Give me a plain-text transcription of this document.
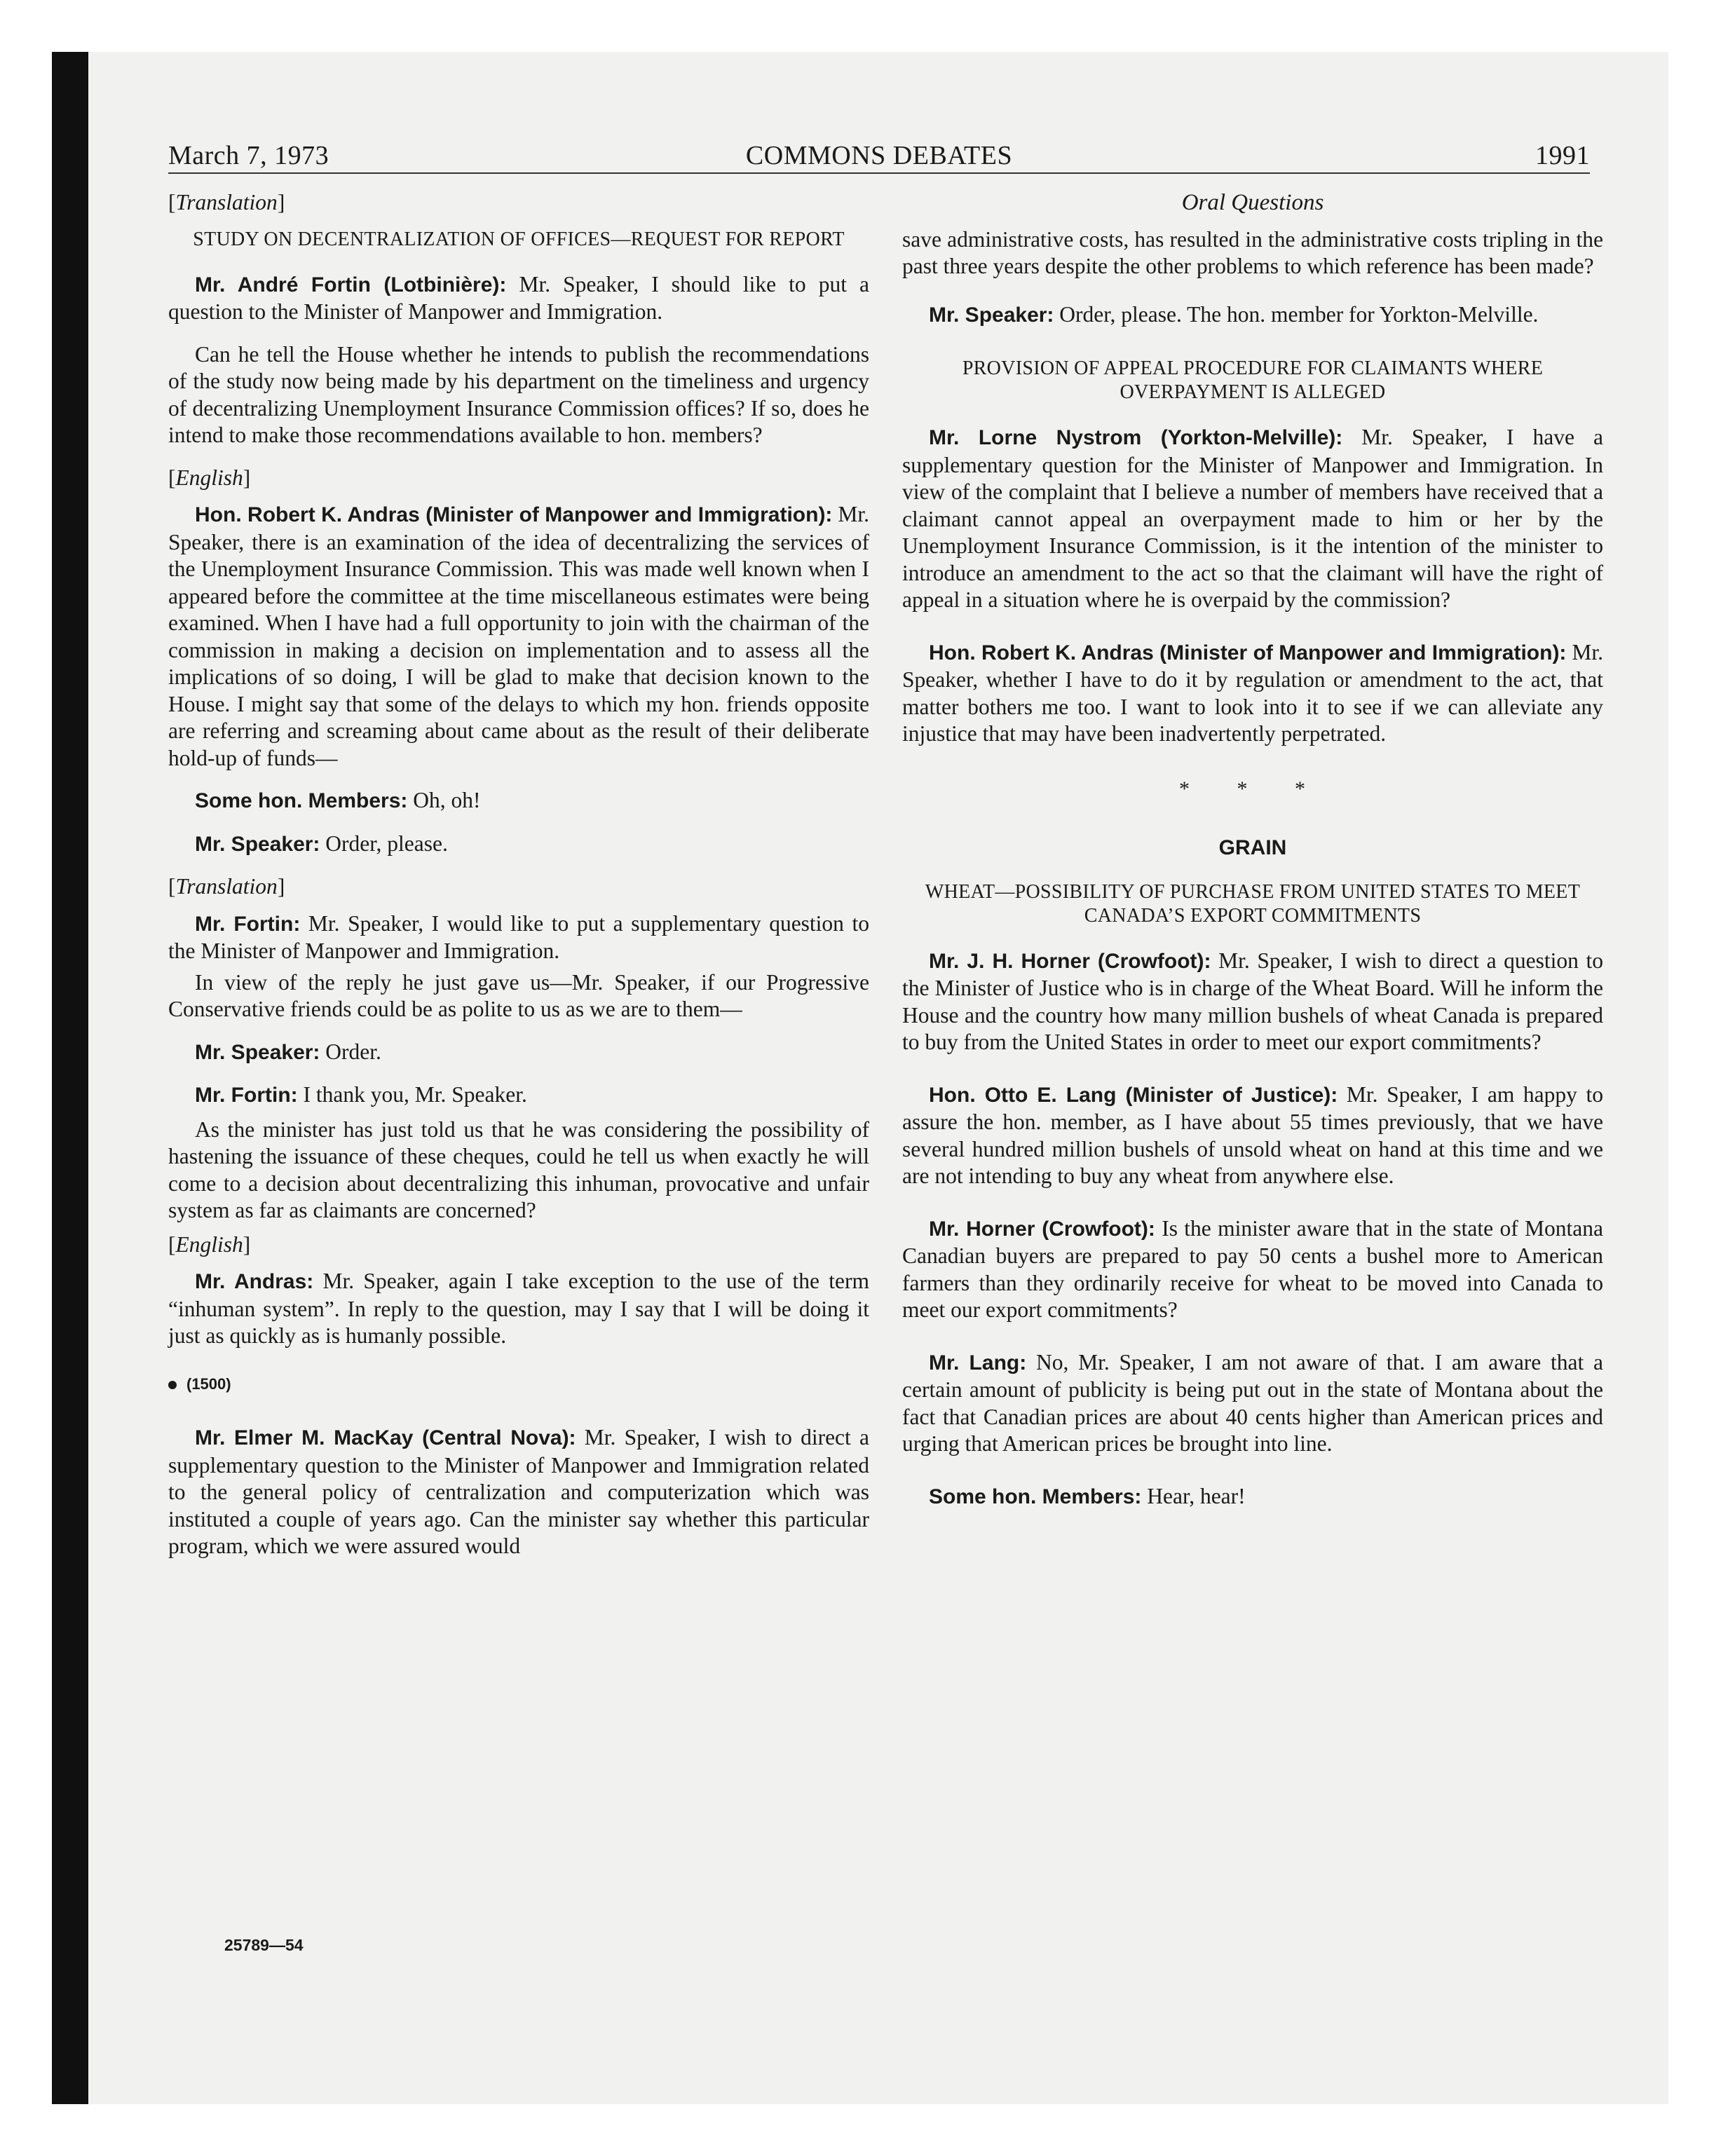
March 7, 1973	COMMONS DEBATES	1991
[Translation]
STUDY ON DECENTRALIZATION OF OFFICES—REQUEST FOR REPORT

Mr. André Fortin (Lotbinière): Mr. Speaker, I should like to put a question to the Minister of Manpower and Immigration.

Can he tell the House whether he intends to publish the recommendations of the study now being made by his department on the timeliness and urgency of decentralizing Unemployment Insurance Commission offices? If so, does he intend to make those recommendations available to hon. members?

[English]

Hon. Robert K. Andras (Minister of Manpower and Immigration): Mr. Speaker, there is an examination of the idea of decentralizing the services of the Unemployment Insurance Commission. This was made well known when I appeared before the committee at the time miscellaneous estimates were being examined. When I have had a full opportunity to join with the chairman of the commission in making a decision on implementation and to assess all the implications of so doing, I will be glad to make that decision known to the House. I might say that some of the delays to which my hon. friends opposite are referring and screaming about came about as the result of their deliberate hold-up of funds—

Some hon. Members: Oh, oh!

Mr. Speaker: Order, please.

[Translation]

Mr. Fortin: Mr. Speaker, I would like to put a supplementary question to the Minister of Manpower and Immigration.

In view of the reply he just gave us—Mr. Speaker, if our Progressive Conservative friends could be as polite to us as we are to them—

Mr. Speaker: Order.

Mr. Fortin: I thank you, Mr. Speaker.

As the minister has just told us that he was considering the possibility of hastening the issuance of these cheques, could he tell us when exactly he will come to a decision about decentralizing this inhuman, provocative and unfair system as far as claimants are concerned?

[English]

Mr. Andras: Mr. Speaker, again I take exception to the use of the term “inhuman system”. In reply to the question, may I say that I will be doing it just as quickly as is humanly possible.

(1500)

Mr. Elmer M. MacKay (Central Nova): Mr. Speaker, I wish to direct a supplementary question to the Minister of Manpower and Immigration related to the general policy of centralization and computerization which was instituted a couple of years ago. Can the minister say whether this particular program, which we were assured would

Oral Questions

save administrative costs, has resulted in the administrative costs tripling in the past three years despite the other problems to which reference has been made?

Mr. Speaker: Order, please. The hon. member for Yorkton-Melville.

PROVISION OF APPEAL PROCEDURE FOR CLAIMANTS WHERE OVERPAYMENT IS ALLEGED

Mr. Lorne Nystrom (Yorkton-Melville): Mr. Speaker, I have a supplementary question for the Minister of Manpower and Immigration. In view of the complaint that I believe a number of members have received that a claimant cannot appeal an overpayment made to him or her by the Unemployment Insurance Commission, is it the intention of the minister to introduce an amendment to the act so that the claimant will have the right of appeal in a situation where he is overpaid by the commission?

Hon. Robert K. Andras (Minister of Manpower and Immigration): Mr. Speaker, whether I have to do it by regulation or amendment to the act, that matter bothers me too. I want to look into it to see if we can alleviate any injustice that may have been inadvertently perpetrated.

* * *
GRAIN
WHEAT—POSSIBILITY OF PURCHASE FROM UNITED STATES TO MEET CANADA’S EXPORT COMMITMENTS

Mr. J. H. Horner (Crowfoot): Mr. Speaker, I wish to direct a question to the Minister of Justice who is in charge of the Wheat Board. Will he inform the House and the country how many million bushels of wheat Canada is prepared to buy from the United States in order to meet our export commitments?

Hon. Otto E. Lang (Minister of Justice): Mr. Speaker, I am happy to assure the hon. member, as I have about 55 times previously, that we have several hundred million bushels of unsold wheat on hand at this time and we are not intending to buy any wheat from anywhere else.

Mr. Horner (Crowfoot): Is the minister aware that in the state of Montana Canadian buyers are prepared to pay 50 cents a bushel more to American farmers than they ordinarily receive for wheat to be moved into Canada to meet our export commitments?

Mr. Lang: No, Mr. Speaker, I am not aware of that. I am aware that a certain amount of publicity is being put out in the state of Montana about the fact that Canadian prices are about 40 cents higher than American prices and urging that American prices be brought into line.

Some hon. Members: Hear, hear!

25789—54
